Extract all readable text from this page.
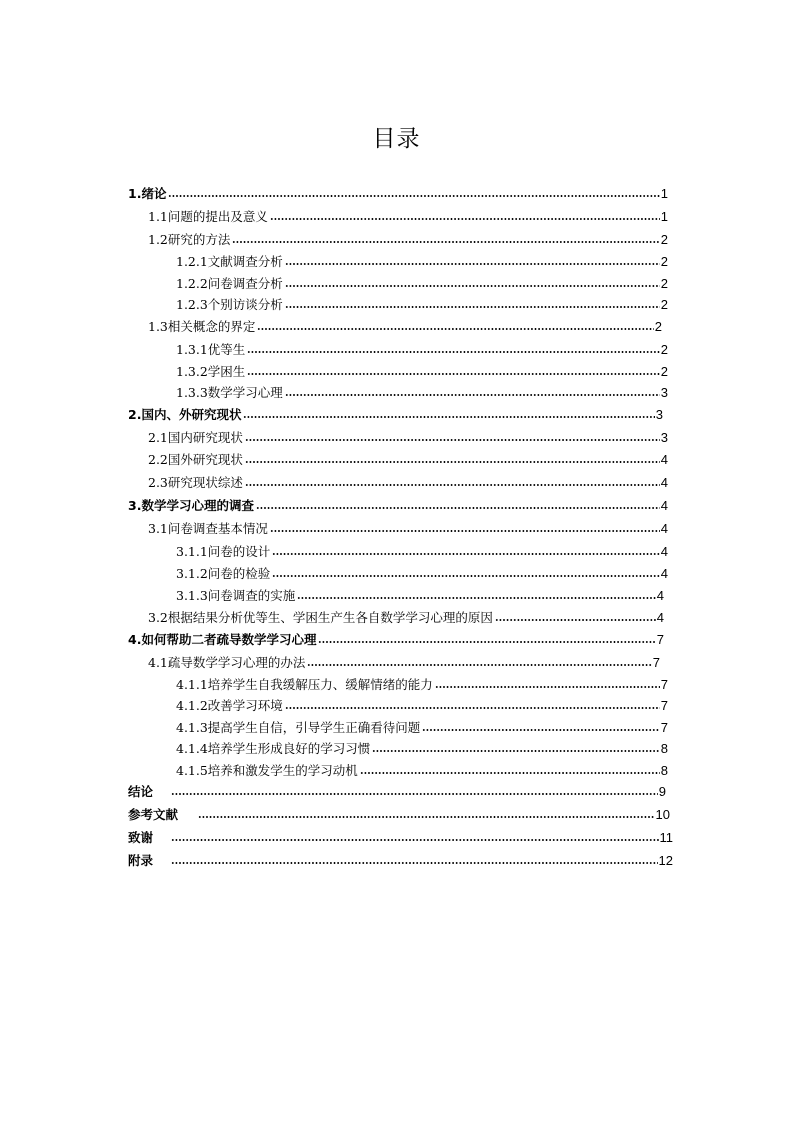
目录
1.绪论	1
1.1问题的提出及意义	1
1.2研究的方法	2
1.2.1文献调查分析	2
1.2.2问卷调查分析	2
1.2.3个别访谈分析	2
1.3相关概念的界定	2
1.3.1优等生	2
1.3.2学困生	2
1.3.3数学学习心理	3
2.国内、外研究现状	3
2.1国内研究现状	3
2.2国外研究现状	4
2.3研究现状综述	4
3.数学学习心理的调查	4
3.1问卷调查基本情况	4
3.1.1问卷的设计	4
3.1.2问卷的检验	4
3.1.3问卷调查的实施	4
3.2根据结果分析优等生、学困生产生各自数学学习心理的原因	4
4.如何帮助二者疏导数学学习心理	7
4.1疏导数学学习心理的办法	7
4.1.1培养学生自我缓解压力、缓解情绪的能力	7
4.1.2改善学习环境	7
4.1.3提高学生自信，引导学生正确看待问题	7
4.1.4培养学生形成良好的学习习惯	8
4.1.5培养和激发学生的学习动机	8
结论	9
参考文献	10
致谢	11
附录	12
